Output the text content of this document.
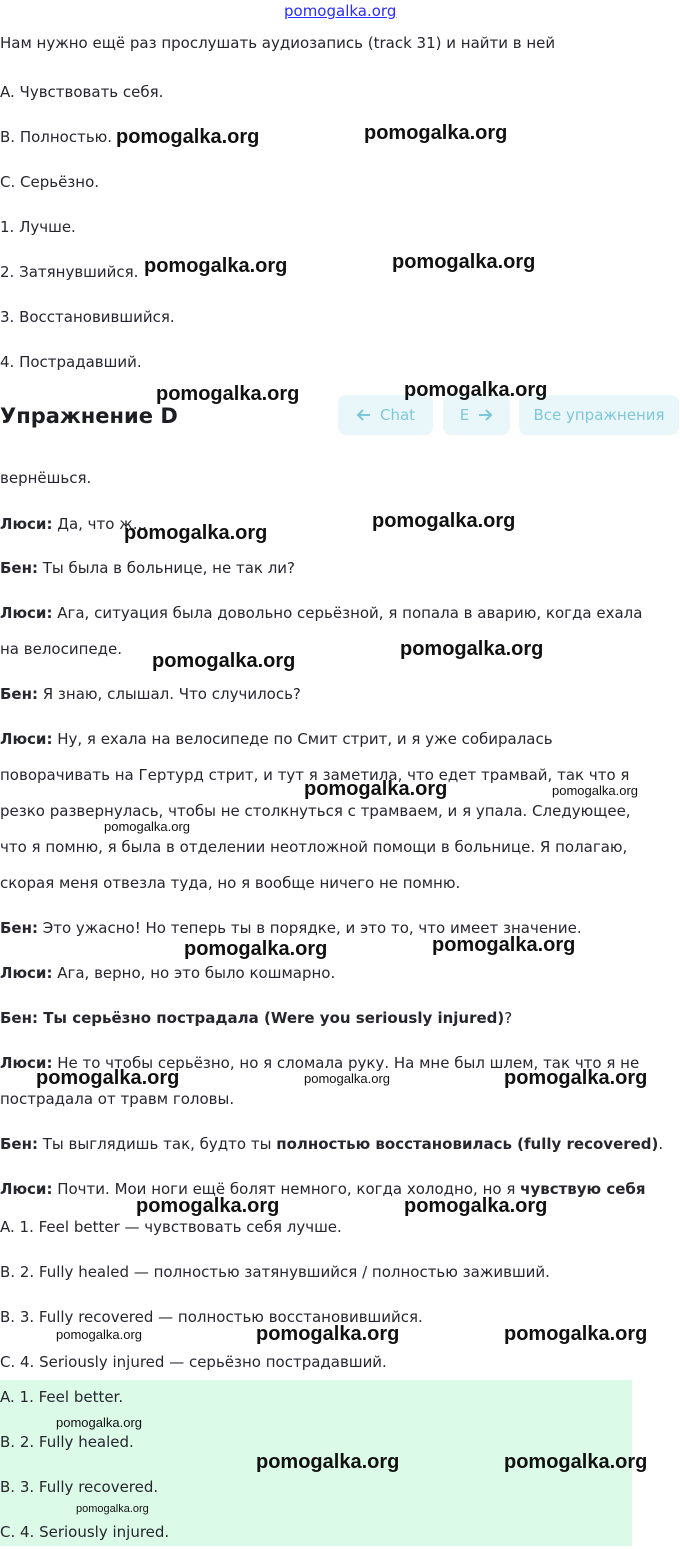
pomogalka.org
Нам нужно ещё раз прослушать аудиозапись (track 31) и найти в ней
A. Чувствовать себя.
B. Полностью.
C. Серьёзно.
1. Лучше.
2. Затянувшийся.
3. Восстановившийся.
4. Пострадавший.
Упражнение D	Chat	E	Все упражнения
вернёшься.
Люси: Да, что ж...
Бен: Ты была в больнице, не так ли?
Люси: Ага, ситуация была довольно серьёзной, я попала в аварию, когда ехала
на велосипеде.
Бен: Я знаю, слышал. Что случилось?
Люси: Ну, я ехала на велосипеде по Смит стрит, и я уже собиралась
поворачивать на Гертурд стрит, и тут я заметила, что едет трамвай, так что я
резко развернулась, чтобы не столкнуться с трамваем, и я упала. Следующее,
что я помню, я была в отделении неотложной помощи в больнице. Я полагаю,
скорая меня отвезла туда, но я вообще ничего не помню.
Бен: Это ужасно! Но теперь ты в порядке, и это то, что имеет значение.
Люси: Ага, верно, но это было кошмарно.
Бен: Ты серьёзно пострадала (Were you seriously injured)?
Люси: Не то чтобы серьёзно, но я сломала руку. На мне был шлем, так что я не
пострадала от травм головы.
Бен: Ты выглядишь так, будто ты полностью восстановилась (fully recovered).
Люси: Почти. Мои ноги ещё болят немного, когда холодно, но я чувствую себя
A. 1. Feel better — чувствовать себя лучше.
B. 2. Fully healed — полностью затянувшийся / полностью заживший.
B. 3. Fully recovered — полностью восстановившийся.
C. 4. Seriously injured — серьёзно пострадавший.
A. 1. Feel better.
B. 2. Fully healed.
B. 3. Fully recovered.
C. 4. Seriously injured.
pomogalka.org	pomogalka.org
pomogalka.org	pomogalka.org
pomogalka.org	pomogalka.org
pomogalka.org
pomogalka.org
pomogalka.org
pomogalka.org
pomogalka.org
pomogalka.org
pomogalka.org
pomogalka.org	pomogalka.org
pomogalka.org	pomogalka.org	pomogalka.org
pomogalka.org	pomogalka.org
pomogalka.org	pomogalka.org	pomogalka.org
pomogalka.org
pomogalka.org	pomogalka.org
pomogalka.org
